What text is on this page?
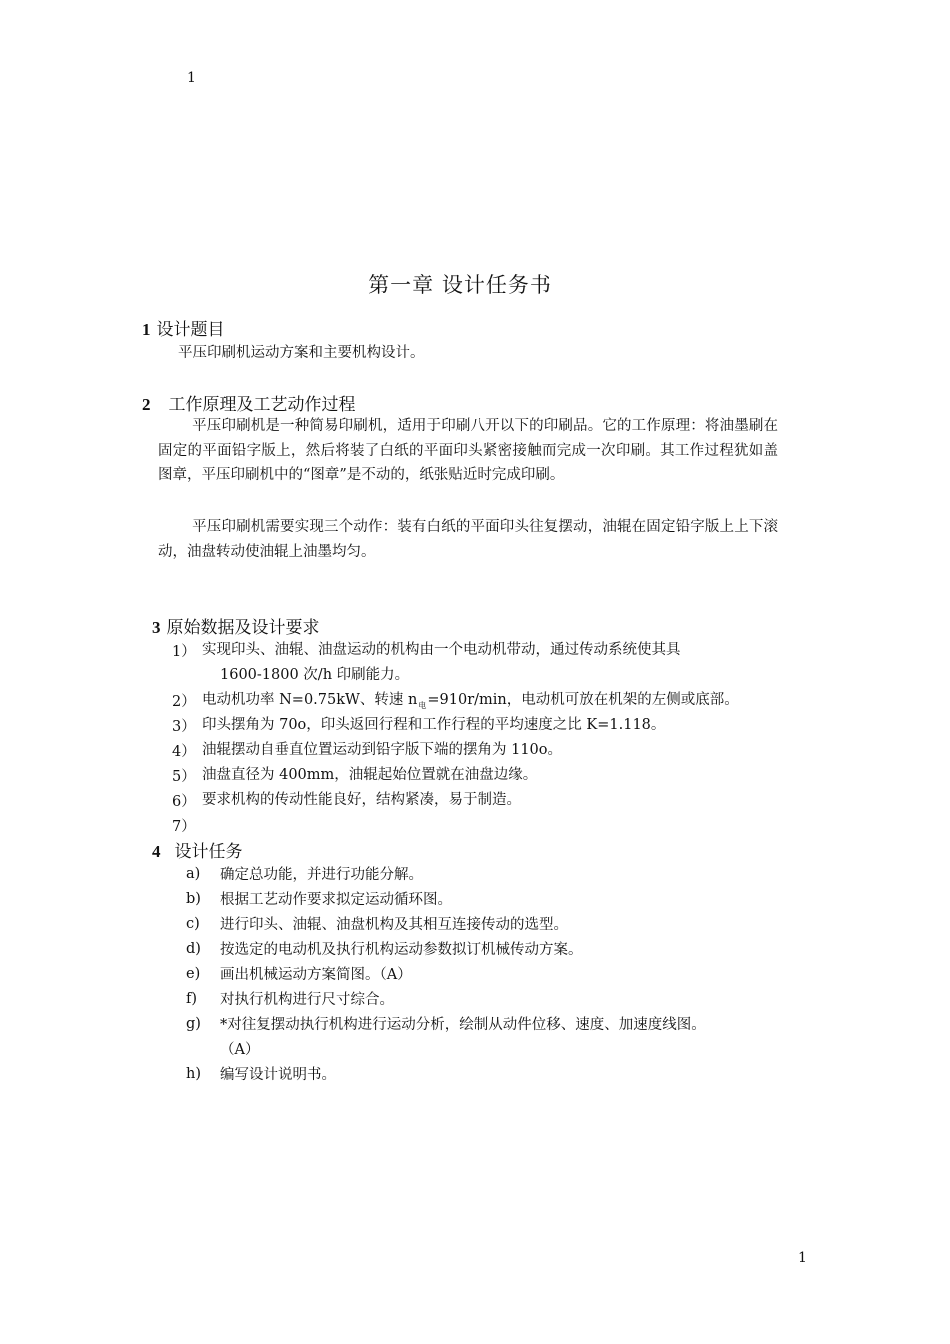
1
第一章 设计任务书
1 设计题目
平压印刷机运动方案和主要机构设计。
2 工作原理及工艺动作过程
平压印刷机是一种简易印刷机，适用于印刷八开以下的印刷品。它的工作原理：将油墨刷在固定的平面铅字版上，然后将装了白纸的平面印头紧密接触而完成一次印刷。其工作过程犹如盖图章，平压印刷机中的“图章”是不动的，纸张贴近时完成印刷。
平压印刷机需要实现三个动作：装有白纸的平面印头往复摆动，油辊在固定铅字版上上下滚动，油盘转动使油辊上油墨均匀。
3 原始数据及设计要求
1） 实现印头、油辊、油盘运动的机构由一个电动机带动，通过传动系统使其具
1600-1800 次/h 印刷能力。
2） 电动机功率 N=0.75kW、转速 $n_电=910r/\min$，电动机可放在机架的左侧或底部。
3） 印头摆角为 70o，印头返回行程和工作行程的平均速度之比 K=1.118。
4） 油辊摆动自垂直位置运动到铅字版下端的摆角为 110o。
5） 油盘直径为 400mm，油辊起始位置就在油盘边缘。
6） 要求机构的传动性能良好，结构紧凑，易于制造。
7）
4 设计任务
a) 确定总功能，并进行功能分解。
b) 根据工艺动作要求拟定运动循环图。
c) 进行印头、油辊、油盘机构及其相互连接传动的选型。
d) 按选定的电动机及执行机构运动参数拟订机械传动方案。
e) 画出机械运动方案简图。（A）
f) 对执行机构进行尺寸综合。
g) *对往复摆动执行机构进行运动分析，绘制从动件位移、速度、加速度线图。
（A）
h) 编写设计说明书。
1
